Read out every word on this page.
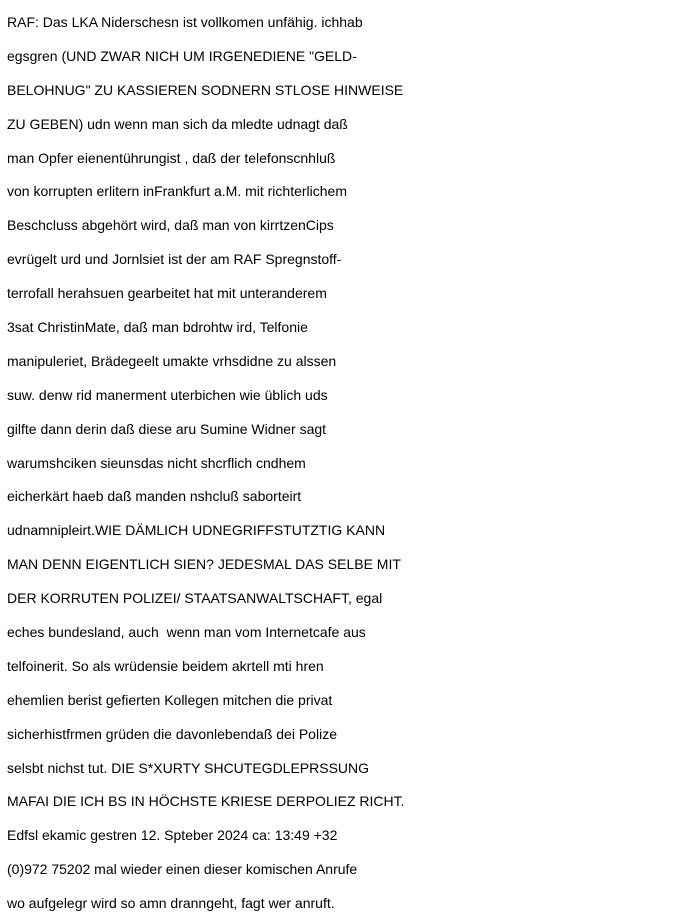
RAF: Das LKA Niderschesn ist vollkomen unfähig. ichhab
egsgren (UND ZWAR NICH UM IRGENEDIENE "GELD-
BELOHNUG" ZU KASSIEREN SODNERN STLOSE HINWEISE
ZU GEBEN) udn wenn man sich da mledte udnagt daß
man Opfer eienentührungist , daß der telefonscnhluß
von korrupten erlitern inFrankfurt a.M. mit richterlichem
Beschcluss abgehört wird, daß man von kirrtzenCips
evrügelt urd und Jornlsiet ist der am RAF Spregnstoff-
terrofall herahsuen gearbeitet hat mit unteranderem
3sat ChristinMate, daß man bdrohtw ird, Telfonie
manipuleriet, Brädegeelt umakte vrhsdidne zu alssen
suw. denw rid manerment uterbichen wie üblich uds
gilfte dann derin daß diese aru Sumine Widner sagt
warumshciken sieunsdas nicht shcrflich cndhem
eicherkärt haeb daß manden nshcluß saborteirt
udnamnipleirt.WIE DÄMLICH UDNEGRIFFSTUTZTIG KANN
MAN DENN EIGENTLICH SIEN? JEDESMAL DAS SELBE MIT
DER KORRUTEN POLIZEI/ STAATSANWALTSCHAFT, egal
eches bundesland, auch  wenn man vom Internetcafe aus
telfoinerit. So als wrüdensie beidem akrtell mti hren
ehemlien berist gefierten Kollegen mitchen die privat
sicherhistfrmen grüden die davonlebendaß dei Polize
selsbt nichst tut. DIE S*XURTY SHCUTEGDLEPRSSUNG
MAFAI DIE ICH BS IN HÖCHSTE KRIESE DERPOLIEZ RICHT.
Edfsl ekamic gestren 12. Spteber 2024 ca: 13:49 +32
(0)972 75202 mal wieder einen dieser komischen Anrufe
wo aufgelegr wird so amn dranngeht, fagt wer anruft.
